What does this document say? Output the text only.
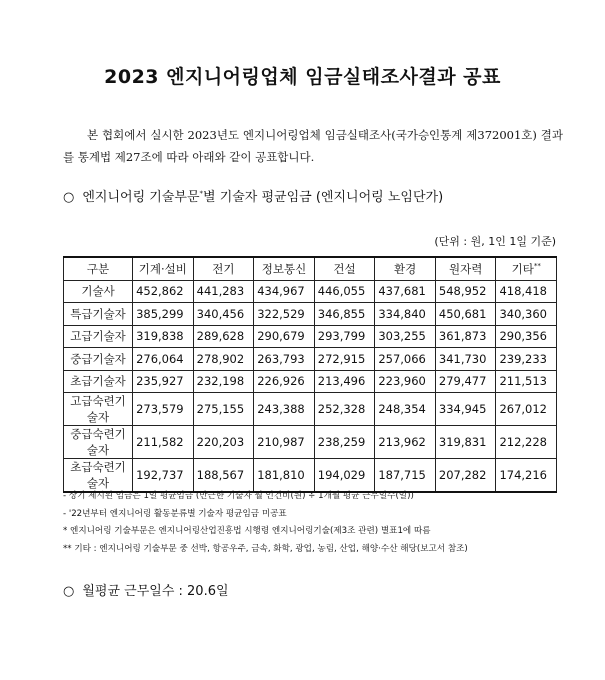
2023 엔지니어링업체 임금실태조사결과 공표

본 협회에서 실시한 2023년도 엔지니어링업체 임금실태조사(국가승인통계 제372001호) 결과를 통계법 제27조에 따라 아래와 같이 공표합니다.

○ 엔지니어링 기술부문*별 기술자 평균임금 (엔지니어링 노임단가)
(단위 : 원, 1인 1일 기준)
구분	기계·설비	전기	정보통신	건설	환경	원자력	기타**
기술사	452,862	441,283	434,967	446,055	437,681	548,952	418,418
특급기술자	385,299	340,456	322,529	346,855	334,840	450,681	340,360
고급기술자	319,838	289,628	290,679	293,799	303,255	361,873	290,356
중급기술자	276,064	278,902	263,793	272,915	257,066	341,730	239,233
초급기술자	235,927	232,198	226,926	213,496	223,960	279,477	211,513
고급숙련기술자	273,579	275,155	243,388	252,328	248,354	334,945	267,012
중급숙련기술자	211,582	220,203	210,987	238,259	213,962	319,831	212,228
초급숙련기술자	192,737	188,567	181,810	194,029	187,715	207,282	174,216
- 상기 제시된 임금은 1일 평균임금 (만근한 기술자 월 인건비(원) ÷ 1개월 평균 근무일수(일))
- '22년부터 엔지니어링 활동분류별 기술자 평균임금 미공표
* 엔지니어링 기술부문은 엔지니어링산업진흥법 시행령 엔지니어링기술(제3조 관련) 별표1에 따름
** 기타 : 엔지니어링 기술부문 중 선박, 항공우주, 금속, 화학, 광업, 농림, 산업, 해양·수산 해당(보고서 참조)
○ 월평균 근무일수 : 20.6일
